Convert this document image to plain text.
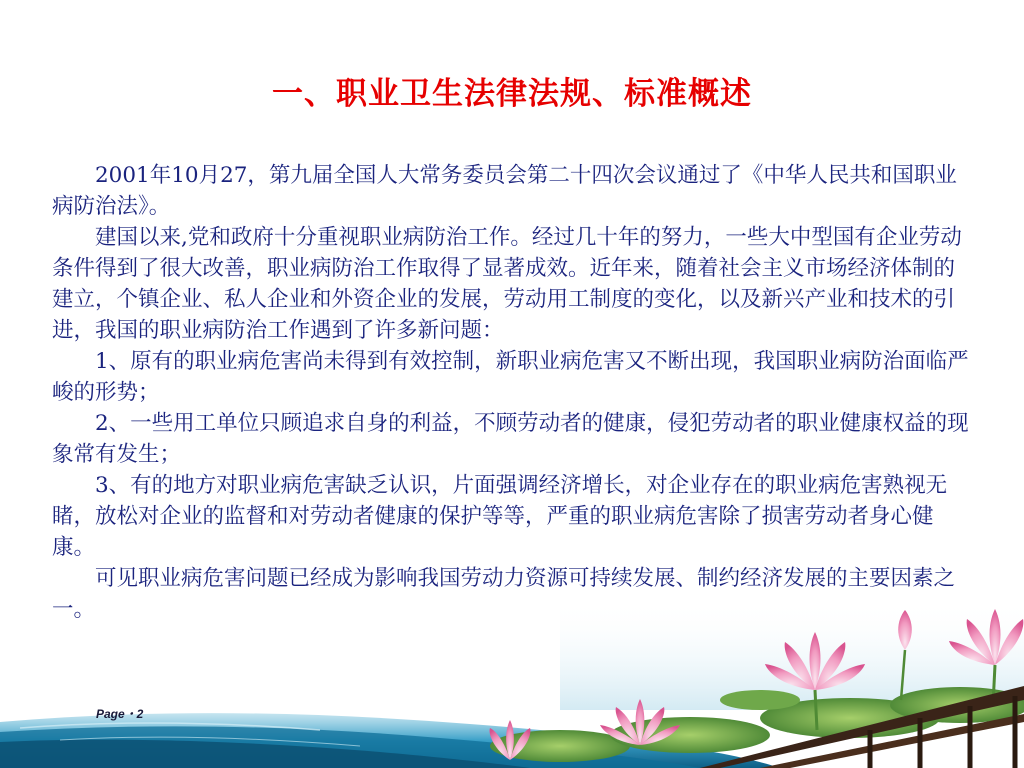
一、职业卫生法律法规、标准概述

2001年10月27，第九届全国人大常务委员会第二十四次会议通过了《中华人民共和国职业病防治法》。

建国以来,党和政府十分重视职业病防治工作。经过几十年的努力，一些大中型国有企业劳动条件得到了很大改善，职业病防治工作取得了显著成效。近年来，随着社会主义市场经济体制的建立，个镇企业、私人企业和外资企业的发展，劳动用工制度的变化，以及新兴产业和技术的引进，我国的职业病防治工作遇到了许多新问题：

1、原有的职业病危害尚未得到有效控制，新职业病危害又不断出现，我国职业病防治面临严峻的形势；

2、一些用工单位只顾追求自身的利益，不顾劳动者的健康，侵犯劳动者的职业健康权益的现象常有发生；

3、有的地方对职业病危害缺乏认识，片面强调经济增长，对企业存在的职业病危害熟视无睹，放松对企业的监督和对劳动者健康的保护等等，严重的职业病危害除了损害劳动者身心健康。

可见职业病危害问题已经成为影响我国劳动力资源可持续发展、制约经济发展的主要因素之一。

Page・2
